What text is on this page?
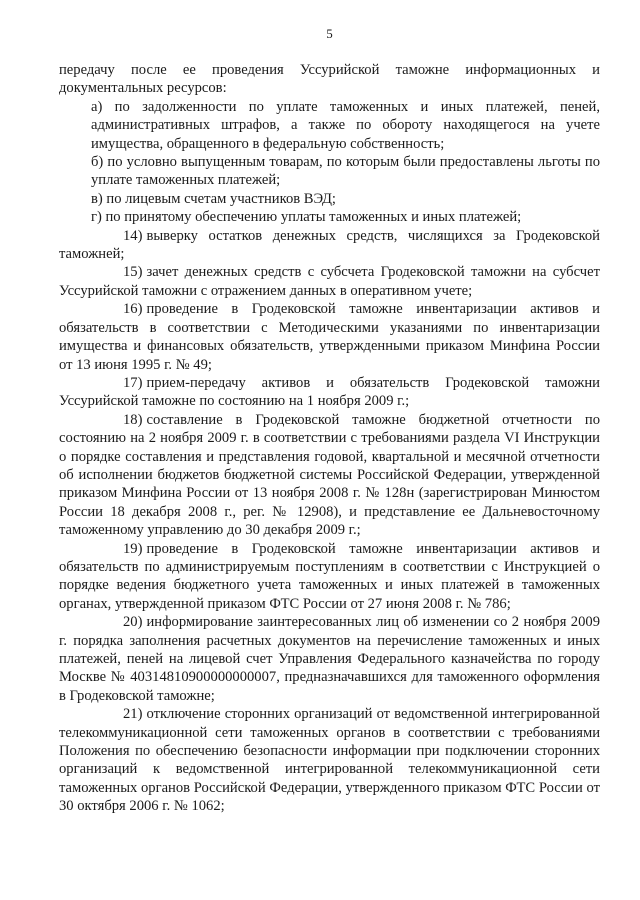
5

передачу после ее проведения Уссурийской таможне информационных и документальных ресурсов:

а) по задолженности по уплате таможенных и иных платежей, пеней, административных штрафов, а также по обороту находящегося на учете имущества, обращенного в федеральную собственность;

б) по условно выпущенным товарам, по которым были предоставлены льготы по уплате таможенных платежей;

в) по лицевым счетам участников ВЭД;

г) по принятому обеспечению уплаты таможенных и иных платежей;

14) выверку остатков денежных средств, числящихся за Гродековской таможней;

15) зачет денежных средств с субсчета Гродековской таможни на субсчет Уссурийской таможни с отражением данных в оперативном учете;

16) проведение в Гродековской таможне инвентаризации активов и обязательств в соответствии с Методическими указаниями по инвентаризации имущества и финансовых обязательств, утвержденными приказом Минфина России от 13 июня 1995 г. № 49;

17) прием-передачу активов и обязательств Гродековской таможни Уссурийской таможне по состоянию на 1 ноября 2009 г.;

18) составление в Гродековской таможне бюджетной отчетности по состоянию на 2 ноября 2009 г. в соответствии с требованиями раздела VI Инструкции о порядке составления и представления годовой, квартальной и месячной отчетности об исполнении бюджетов бюджетной системы Российской Федерации, утвержденной приказом Минфина России от 13 ноября 2008 г. № 128н (зарегистрирован Минюстом России 18 декабря 2008 г., рег. № 12908), и представление ее Дальневосточному таможенному управлению до 30 декабря 2009 г.;

19) проведение в Гродековской таможне инвентаризации активов и обязательств по администрируемым поступлениям в соответствии с Инструкцией о порядке ведения бюджетного учета таможенных и иных платежей в таможенных органах, утвержденной приказом ФТС России от 27 июня 2008 г. № 786;

20) информирование заинтересованных лиц об изменении со 2 ноября 2009 г. порядка заполнения расчетных документов на перечисление таможенных и иных платежей, пеней на лицевой счет Управления Федерального казначейства по городу Москве № 40314810900000000007, предназначавшихся для таможенного оформления в Гродековской таможне;

21) отключение сторонних организаций от ведомственной интегрированной телекоммуникационной сети таможенных органов в соответствии с требованиями Положения по обеспечению безопасности информации при подключении сторонних организаций к ведомственной интегрированной телекоммуникационной сети таможенных органов Российской Федерации, утвержденного приказом ФТС России от 30 октября 2006 г. № 1062;
